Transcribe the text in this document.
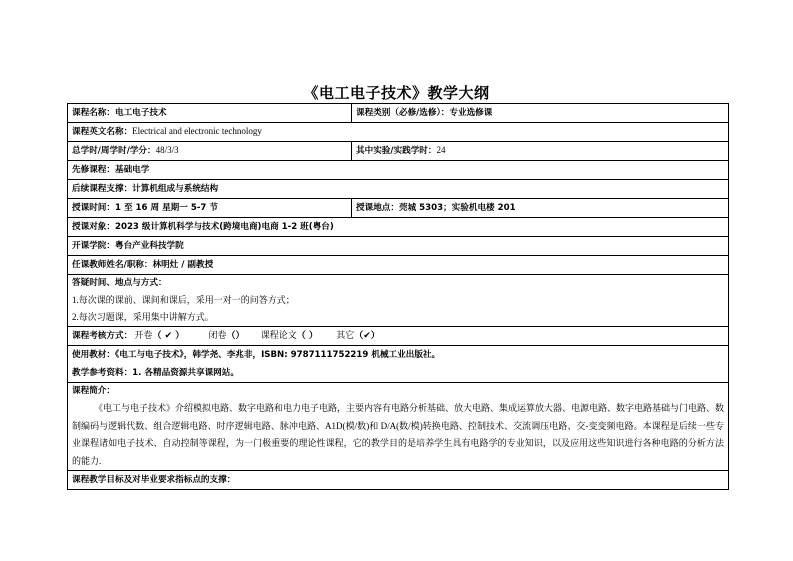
《电工电子技术》教学大纲
课程名称：电工电子技术	课程类别（必修/选修）：专业选修课
课程英文名称：Electrical and electronic technology	
总学时/周学时/学分：48/3/3	其中实验/实践学时：24
先修课程：基础电学	
后续课程支撑：计算机组成与系统结构	
授课时间：1 至 16 周 星期一 5-7 节	授课地点：莞城 5303；实验机电楼 201
授课对象：2023 级计算机科学与技术(跨境电商)电商 1-2 班(粤台)	
开课学院：粤台产业科技学院	
任课教师姓名/职称：林明灶 / 副教授	

答疑时间、地点与方式：
1.每次课的课前、课间和课后，采用一对一的问答方式；
2.每次习题课，采用集中讲解方式。	

课程考核方式： 开卷（ ✔ ） 闭卷（） 课程论文（ ） 其它（✔）	

使用教材：《电工与电子技术》，韩学尧、李兆非，ISBN: 9787111752219 机械工业出版社。
教学参考资料：1. 各精品资源共享课网站。	

课程简介：
《电工与电子技术》介绍模拟电路、数字电路和电力电子电路，主要内容有电路分析基础、放大电路、集成运算放大器、电源电路、数字电路基础与门电路、数制编码与逻辑代数、组合逻辑电路、时序逻辑电路、脉冲电路、A1D(模/数)和 D/A(数/模)转换电路、控制技术、交流调压电路、交-变变频电路。本课程是后续一些专业课程诸如电子技术、自动控制等课程，为一门极重要的理论性课程，它的教学目的是培养学生具有电路学的专业知识，以及应用这些知识进行各种电路的分析方法的能力.	

课程教学目标及对毕业要求指标点的支撑：	
